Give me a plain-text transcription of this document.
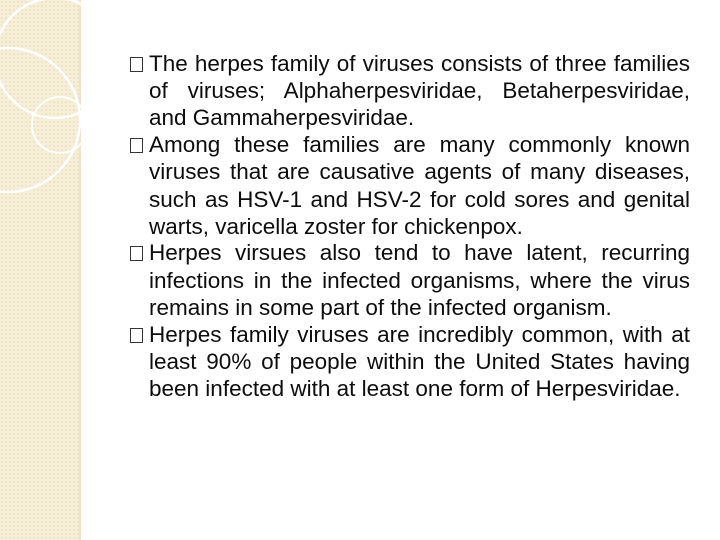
The herpes family of viruses consists of three families of viruses; Alphaherpesviridae, Betaherpesviridae, and Gammaherpesviridae.
Among these families are many commonly known viruses that are causative agents of many diseases, such as HSV-1 and HSV-2 for cold sores and genital warts, varicella zoster for chickenpox.
Herpes virsues also tend to have latent, recurring infections in the infected organisms, where the virus remains in some part of the infected organism.
Herpes family viruses are incredibly common, with at least 90% of people within the United States having been infected with at least one form of Herpesviridae.
